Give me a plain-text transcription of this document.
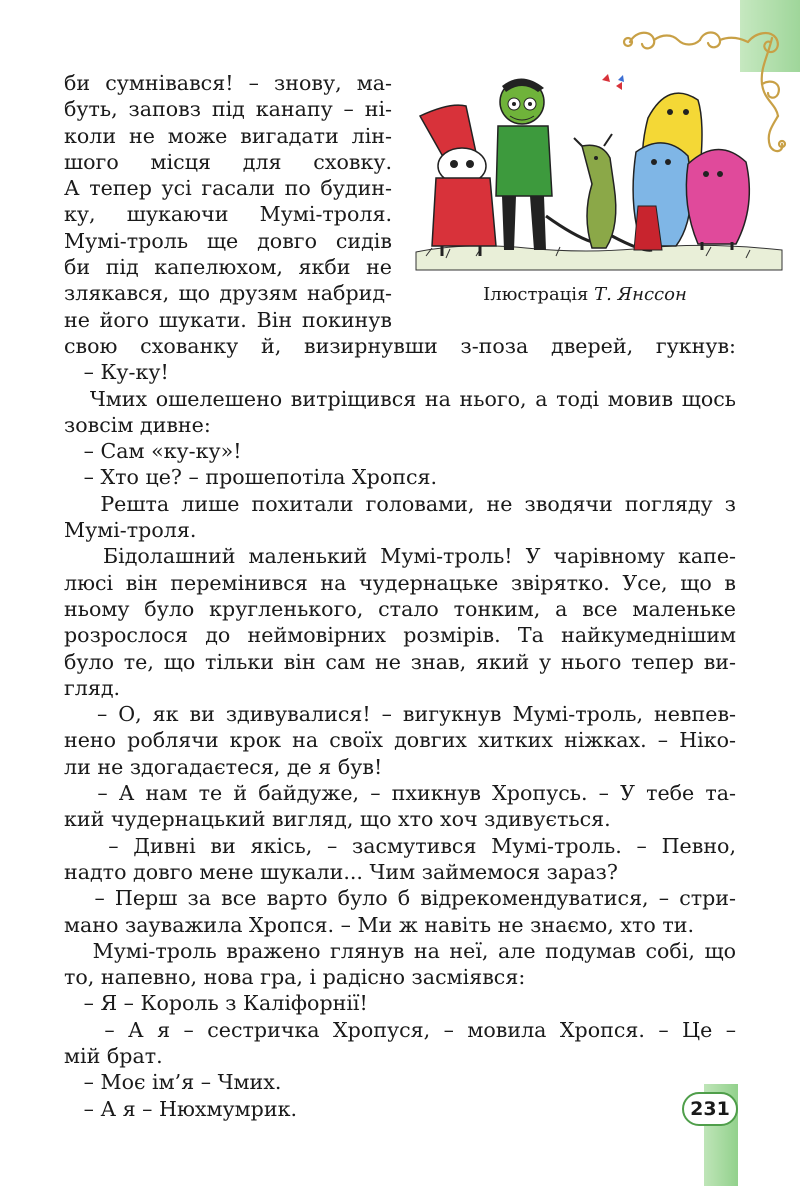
Ілюстрація Т. Янссон
би сумнівався! – знову, ма-
буть, заповз під канапу – ні-
коли не може вигадати лін-
шого місця для сховку.
А тепер усі гасали по будин-
ку, шукаючи Мумі-троля.
Мумі-троль ще довго сидів
би під капелюхом, якби не
злякався, що друзям набрид-
не його шукати. Він покинув
свою схованку й, визирнувши з-поза дверей, гукнув:
– Ку-ку!
Чмих ошелешено витріщився на нього, а тоді мовив щось
зовсім дивне:
– Сам «ку-ку»!
– Хто це? – прошепотіла Хропся.
Решта лише похитали головами, не зводячи погляду з
Мумі-троля.
Бідолашний маленький Мумі-троль! У чарівному капе-
люсі він перемінився на чудернацьке звірятко. Усе, що в
ньому було кругленького, стало тонким, а все маленьке
розрослося до неймовірних розмірів. Та найкумеднішим
було те, що тільки він сам не знав, який у нього тепер ви-
гляд.
– О, як ви здивувалися! – вигукнув Мумі-троль, невпев-
нено роблячи крок на своїх довгих хитких ніжках. – Ніко-
ли не здогадаєтеся, де я був!
– А нам те й байдуже, – пхикнув Хропусь. – У тебе та-
кий чудернацький вигляд, що хто хоч здивується.
– Дивні ви якісь, – засмутився Мумі-троль. – Певно,
надто довго мене шукали... Чим займемося зараз?
– Перш за все варто було б відрекомендуватися, – стри-
мано зауважила Хропся. – Ми ж навіть не знаємо, хто ти.
Мумі-троль вражено глянув на неї, але подумав собі, що
то, напевно, нова гра, і радісно засміявся:
– Я – Король з Каліфорнії!
– А я – сестричка Хропуся, – мовила Хропся. – Це –
мій брат.
– Моє ім’я – Чмих.
– А я – Нюхмумрик.	231
